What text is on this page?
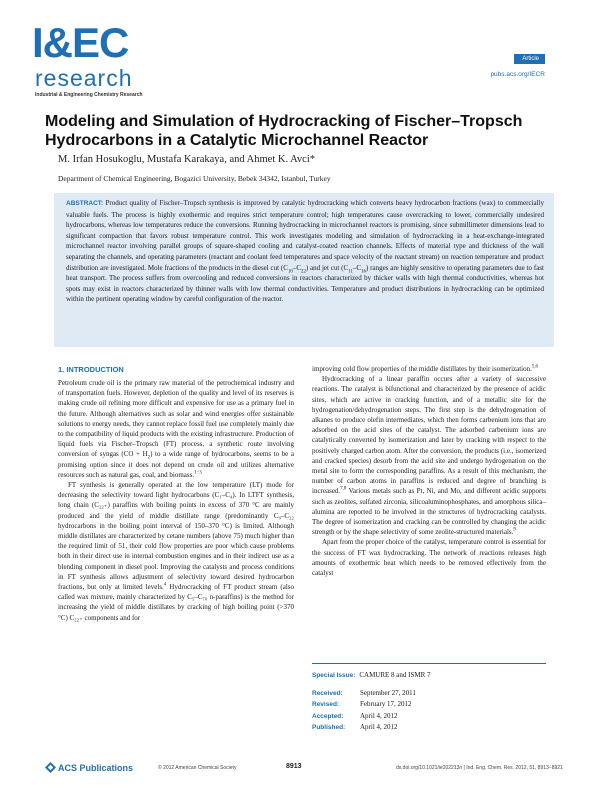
I&EC
research
Industrial & Engineering Chemistry Research
Article
pubs.acs.org/IECR
Modeling and Simulation of Hydrocracking of Fischer–Tropsch Hydrocarbons in a Catalytic Microchannel Reactor
M. Irfan Hosukoglu, Mustafa Karakaya, and Ahmet K. Avci*
Department of Chemical Engineering, Bogazici University, Bebek 34342, Istanbul, Turkey
ABSTRACT: Product quality of Fischer–Tropsch synthesis is improved by catalytic hydrocracking which converts heavy hydrocarbon fractions (wax) to commercially valuable fuels. The process is highly exothermic and requires strict temperature control; high temperatures cause overcracking to lower, commercially undesired hydrocarbons, whereas low temperatures reduce the conversions. Running hydrocracking in microchannel reactors is promising, since submillimeter dimensions lead to significant compaction that favors robust temperature control. This work investigates modeling and simulation of hydrocracking in a heat-exchange-integrated microchannel reactor involving parallel groups of square-shaped cooling and catalyst-coated reaction channels. Effects of material type and thickness of the wall separating the channels, and operating parameters (reactant and coolant feed temperatures and space velocity of the reactant stream) on reaction temperature and product distribution are investigated. Mole fractions of the products in the diesel cut $(C_{10}-C_{22})$ and jet cut $(C_{11}-C_{16})$ ranges are highly sensitive to operating parameters due to fast heat transport. The process suffers from overcooling and reduced conversions in reactors characterized by thicker walls with high thermal conductivities, whereas hot spots may exist in reactors characterized by thinner walls with low thermal conductivities. Temperature and product distributions in hydrocracking can be optimized within the pertinent operating window by careful configuration of the reactor.
1. INTRODUCTION

Petroleum crude oil is the primary raw material of the petrochemical industry and of transportation fuels. However, depletion of the quality and level of its reserves is making crude oil refining more difficult and expensive for use as a primary fuel in the future. Although alternatives such as solar and wind energies offer sustainable solutions to energy needs, they cannot replace fossil fuel use completely mainly due to the compatibility of liquid products with the existing infrastructure. Production of liquid fuels via Fischer–Tropsch (FT) process, a synthetic route involving conversion of syngas $(CO + H_2)$ to a wide range of hydrocarbons, seems to be a promising option since it does not depend on crude oil and utilizes alternative resources such as natural gas, coal, and biomass.$^{1-3}$

FT synthesis is generally operated at the low temperature (LT) mode for decreasing the selectivity toward light hydrocarbons (C₁–C₄). In LTFT synthesis, long chain (C₂₂₊) paraffins with boiling points in excess of 370 °C are mainly produced and the yield of middle distillate range (predominantly C₉–C₂₂ hydrocarbons in the boiling point interval of 150–370 °C) is limited. Although middle distillates are characterized by cetane numbers (above 75) much higher than the required limit of 51, their cold flow properties are poor which cause problems both in their direct use in internal combustion engines and in their indirect use as a blending component in diesel pool. Improving the catalysts and process conditions in FT synthesis allows adjustment of selectivity toward desired hydrocarbon fractions, but only at limited levels.$^4$ Hydrocracking of FT product stream (also called wax mixture, mainly characterized by C₅–C₇₀ n-paraffins) is the method for increasing the yield of middle distillates by cracking of high boiling point (>370 °C) C₂₂₊ components and for

improving cold flow properties of the middle distillates by their isomerization.$^{5,6}$

Hydrocracking of a linear paraffin occurs after a variety of successive reactions. The catalyst is bifunctional and characterized by the presence of acidic sites, which are active in cracking function, and of a metallic site for the hydrogenation/dehydrogenation steps. The first step is the dehydrogenation of alkanes to produce olefin intermediates, which then forms carbenium ions that are adsorbed on the acid sites of the catalyst. The adsorbed carbenium ions are catalytically converted by isomerization and later by cracking with respect to the positively charged carbon atom. After the conversion, the products (i.e., isomerized and cracked species) desorb from the acid site and undergo hydrogenation on the metal site to form the corresponding paraffins. As a result of this mechanism, the number of carbon atoms in paraffins is reduced and degree of branching is increased.$^{7,8}$ Various metals such as Pt, Ni, and Mo, and different acidic supports such as zeolites, sulfated zirconia, silicoaluminophosphates, and amorphous silica–alumina are reported to be involved in the structures of hydrocracking catalysts. The degree of isomerization and cracking can be controlled by changing the acidic strength or by the shape selectivity of some zeolite-structured materials.$^9$

Apart from the proper choice of the catalyst, temperature control is essential for the success of FT wax hydrocracking. The network of reactions releases high amounts of exothermic heat which needs to be removed effectively from the catalyst

Special Issue: CAMURE 8 and ISMR 7
Received: September 27, 2011
Revised:	February 17, 2012
Accepted: April 4, 2012
Published: April 4, 2012
ACS Publications	© 2012 American Chemical Society	8913	dx.doi.org/10.1021/ie202213n | Ind. Eng. Chem. Res. 2012, 51, 8913−8921
